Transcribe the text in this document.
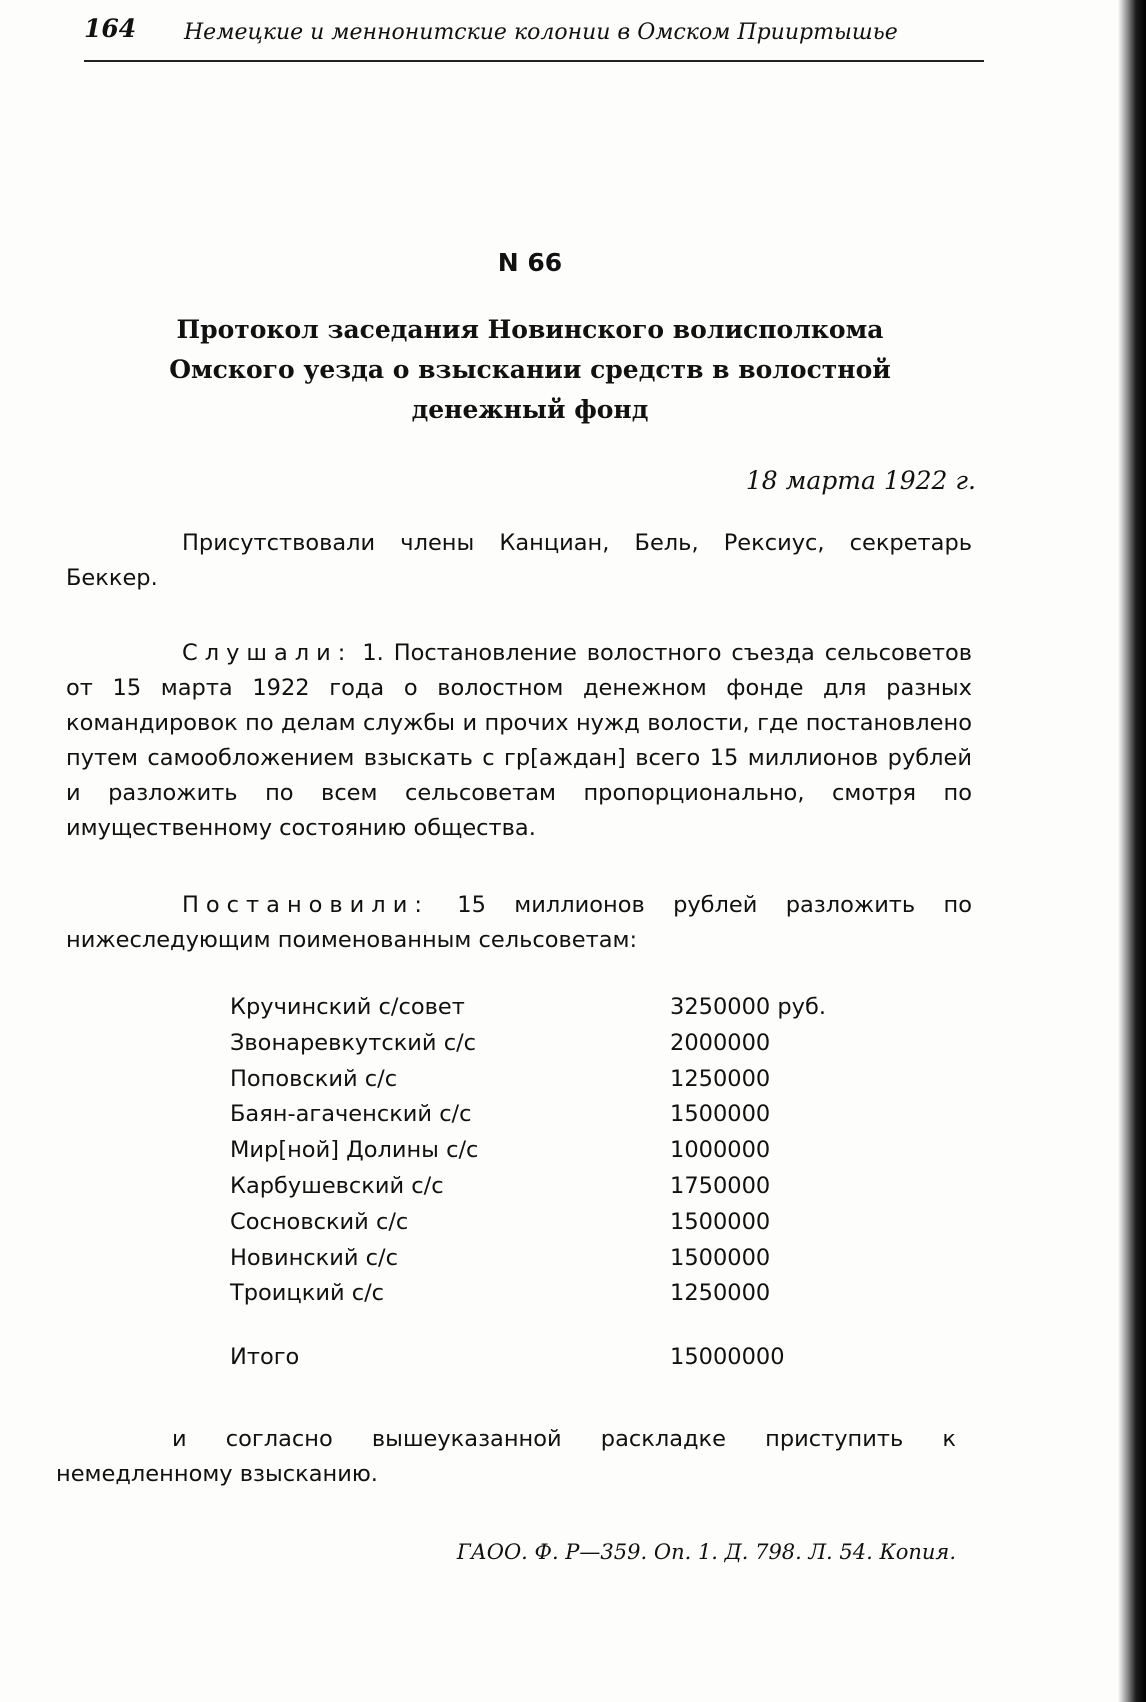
164 Немецкие и меннонитские колонии в Омском Прииртышье
N 66
Протокол заседания Новинского волисполкома
Омского уезда о взыскании средств в волостной
денежный фонд
18 марта 1922 г.
Присутствовали члены Канциан, Бель, Рексиус, секретарь Беккер.
Слушали: 1. Постановление волостного съезда сельсоветов от 15 марта 1922 года о волостном денежном фонде для разных командировок по делам службы и прочих нужд волости, где постановлено путем самообложением взыскать с гр[аждан] всего 15 миллионов рублей и разложить по всем сельсоветам пропорционально, смотря по имущественному состоянию общества.
Постановили: 15 миллионов рублей разложить по нижеследующим поименованным сельсоветам:
Кручинский с/совет	3250000 руб.
Звонаревкутский с/с	2000000
Поповский с/с	1250000
Баян-агаченский с/с	1500000
Мир[ной] Долины с/с	1000000
Карбушевский с/с	1750000
Сосновский с/с	1500000
Новинский с/с	1500000
Троицкий с/с	1250000
Итого	15000000
и согласно вышеуказанной раскладке приступить к немедленному взысканию.
ГАОО. Ф. Р—359. Оп. 1. Д. 798. Л. 54. Копия.
